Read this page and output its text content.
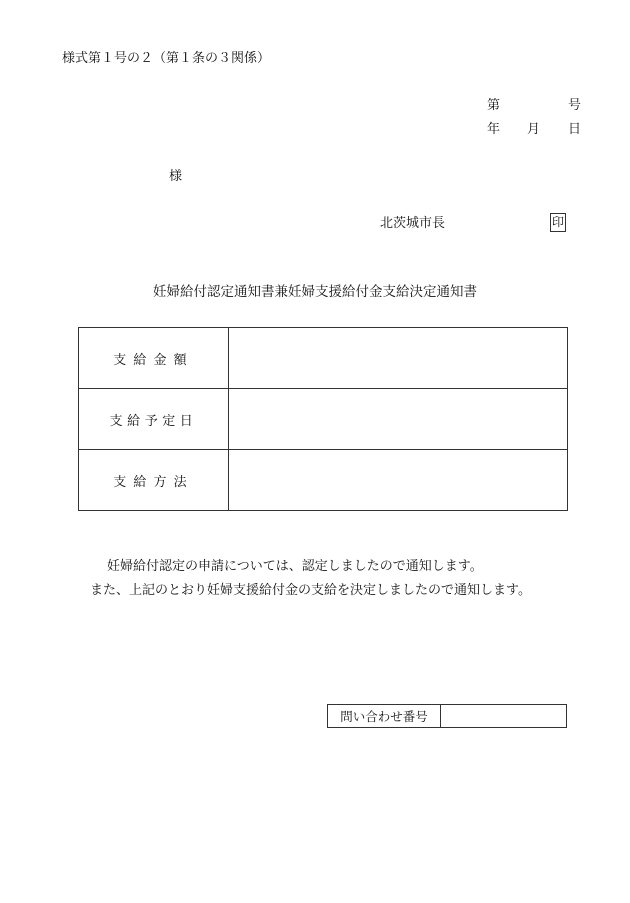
様式第１号の２（第１条の３関係）
第	号
年 月 日
様
北茨城市長	印
妊婦給付認定通知書兼妊婦支援給付金支給決定通知書
支給金額	
支給予定日	
支給方法	
妊婦給付認定の申請については、認定しましたので通知します。
また、上記のとおり妊婦支援給付金の支給を決定しましたので通知します。
問い合わせ番号	
